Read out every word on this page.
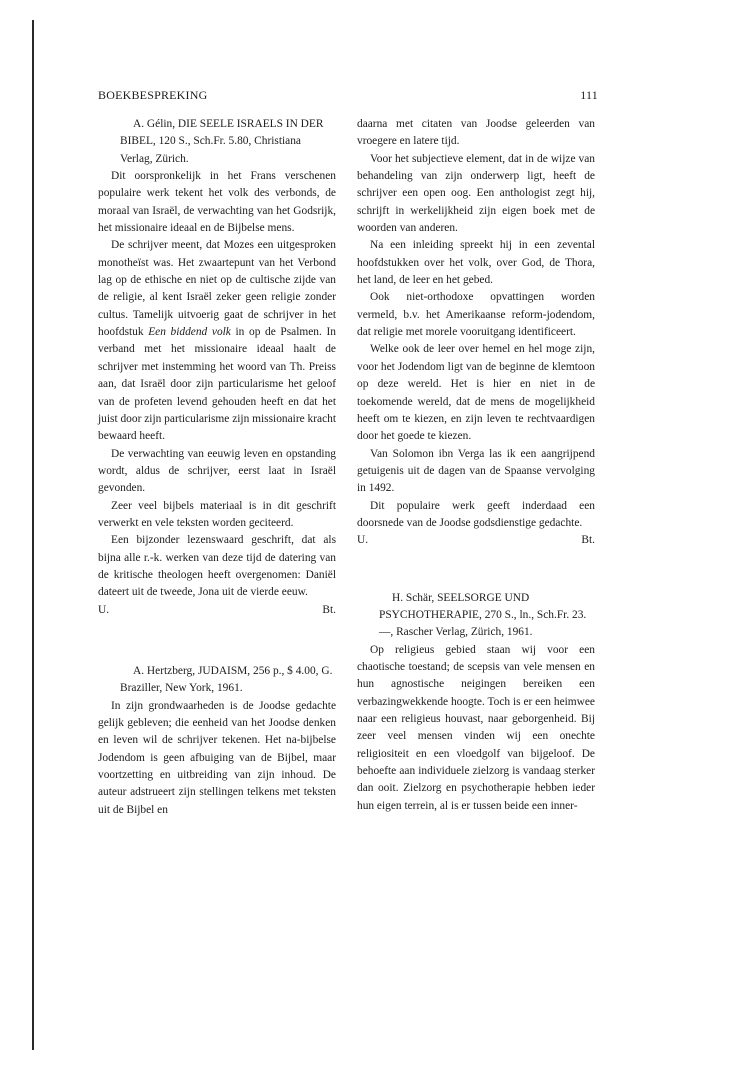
BOEKBESPREKING	111

A. Gélin, DIE SEELE ISRAELS IN DER BIBEL, 120 S., Sch.Fr. 5.80, Christiana Verlag, Zürich.

Dit oorspronkelijk in het Frans verschenen populaire werk tekent het volk des verbonds, de moraal van Israël, de verwachting van het Godsrijk, het missionaire ideaal en de Bijbelse mens.

De schrijver meent, dat Mozes een uitgesproken monotheïst was. Het zwaartepunt van het Verbond lag op de ethische en niet op de cultische zijde van de religie, al kent Israël zeker geen religie zonder cultus. Tamelijk uitvoerig gaat de schrijver in het hoofdstuk Een biddend volk in op de Psalmen. In verband met het missionaire ideaal haalt de schrijver met instemming het woord van Th. Preiss aan, dat Israël door zijn particularisme het geloof van de profeten levend gehouden heeft en dat het juist door zijn particularisme zijn missionaire kracht bewaard heeft.

De verwachting van eeuwig leven en opstanding wordt, aldus de schrijver, eerst laat in Israël gevonden.

Zeer veel bijbels materiaal is in dit geschrift verwerkt en vele teksten worden geciteerd.

Een bijzonder lezenswaard geschrift, dat als bijna alle r.-k. werken van deze tijd de datering van de kritische theologen heeft overgenomen: Daniël dateert uit de tweede, Jona uit de vierde eeuw.

U.	Bt.

A. Hertzberg, JUDAISM, 256 p., $ 4.00, G. Braziller, New York, 1961.

In zijn grondwaarheden is de Joodse gedachte gelijk gebleven; die eenheid van het Joodse denken en leven wil de schrijver tekenen. Het na-bijbelse Jodendom is geen afbuiging van de Bijbel, maar voortzetting en uitbreiding van zijn inhoud. De auteur adstrueert zijn stellingen telkens met teksten uit de Bijbel en

daarna met citaten van Joodse geleerden van vroegere en latere tijd.

Voor het subjectieve element, dat in de wijze van behandeling van zijn onderwerp ligt, heeft de schrijver een open oog. Een anthologist zegt hij, schrijft in werkelijkheid zijn eigen boek met de woorden van anderen.

Na een inleiding spreekt hij in een zevental hoofdstukken over het volk, over God, de Thora, het land, de leer en het gebed.

Ook niet-orthodoxe opvattingen worden vermeld, b.v. het Amerikaanse reform-jodendom, dat religie met morele vooruitgang identificeert.

Welke ook de leer over hemel en hel moge zijn, voor het Jodendom ligt van de beginne de klemtoon op deze wereld. Het is hier en niet in de toekomende wereld, dat de mens de mogelijkheid heeft om te kiezen, en zijn leven te rechtvaardigen door het goede te kiezen.

Van Solomon ibn Verga las ik een aangrijpend getuigenis uit de dagen van de Spaanse vervolging in 1492.

Dit populaire werk geeft inderdaad een doorsnede van de Joodse godsdienstige gedachte.

U.	Bt.

H. Schär, SEELSORGE UND PSYCHOTHERAPIE, 270 S., ln., Sch.Fr. 23.—, Rascher Verlag, Zürich, 1961.

Op religieus gebied staan wij voor een chaotische toestand; de scepsis van vele mensen en hun agnostische neigingen bereiken een verbazingwekkende hoogte. Toch is er een heimwee naar een religieus houvast, naar geborgenheid. Bij zeer veel mensen vinden wij een onechte religiositeit en een vloedgolf van bijgeloof. De behoefte aan individuele zielzorg is vandaag sterker dan ooit. Zielzorg en psychotherapie hebben ieder hun eigen terrein, al is er tussen beide een inner-
